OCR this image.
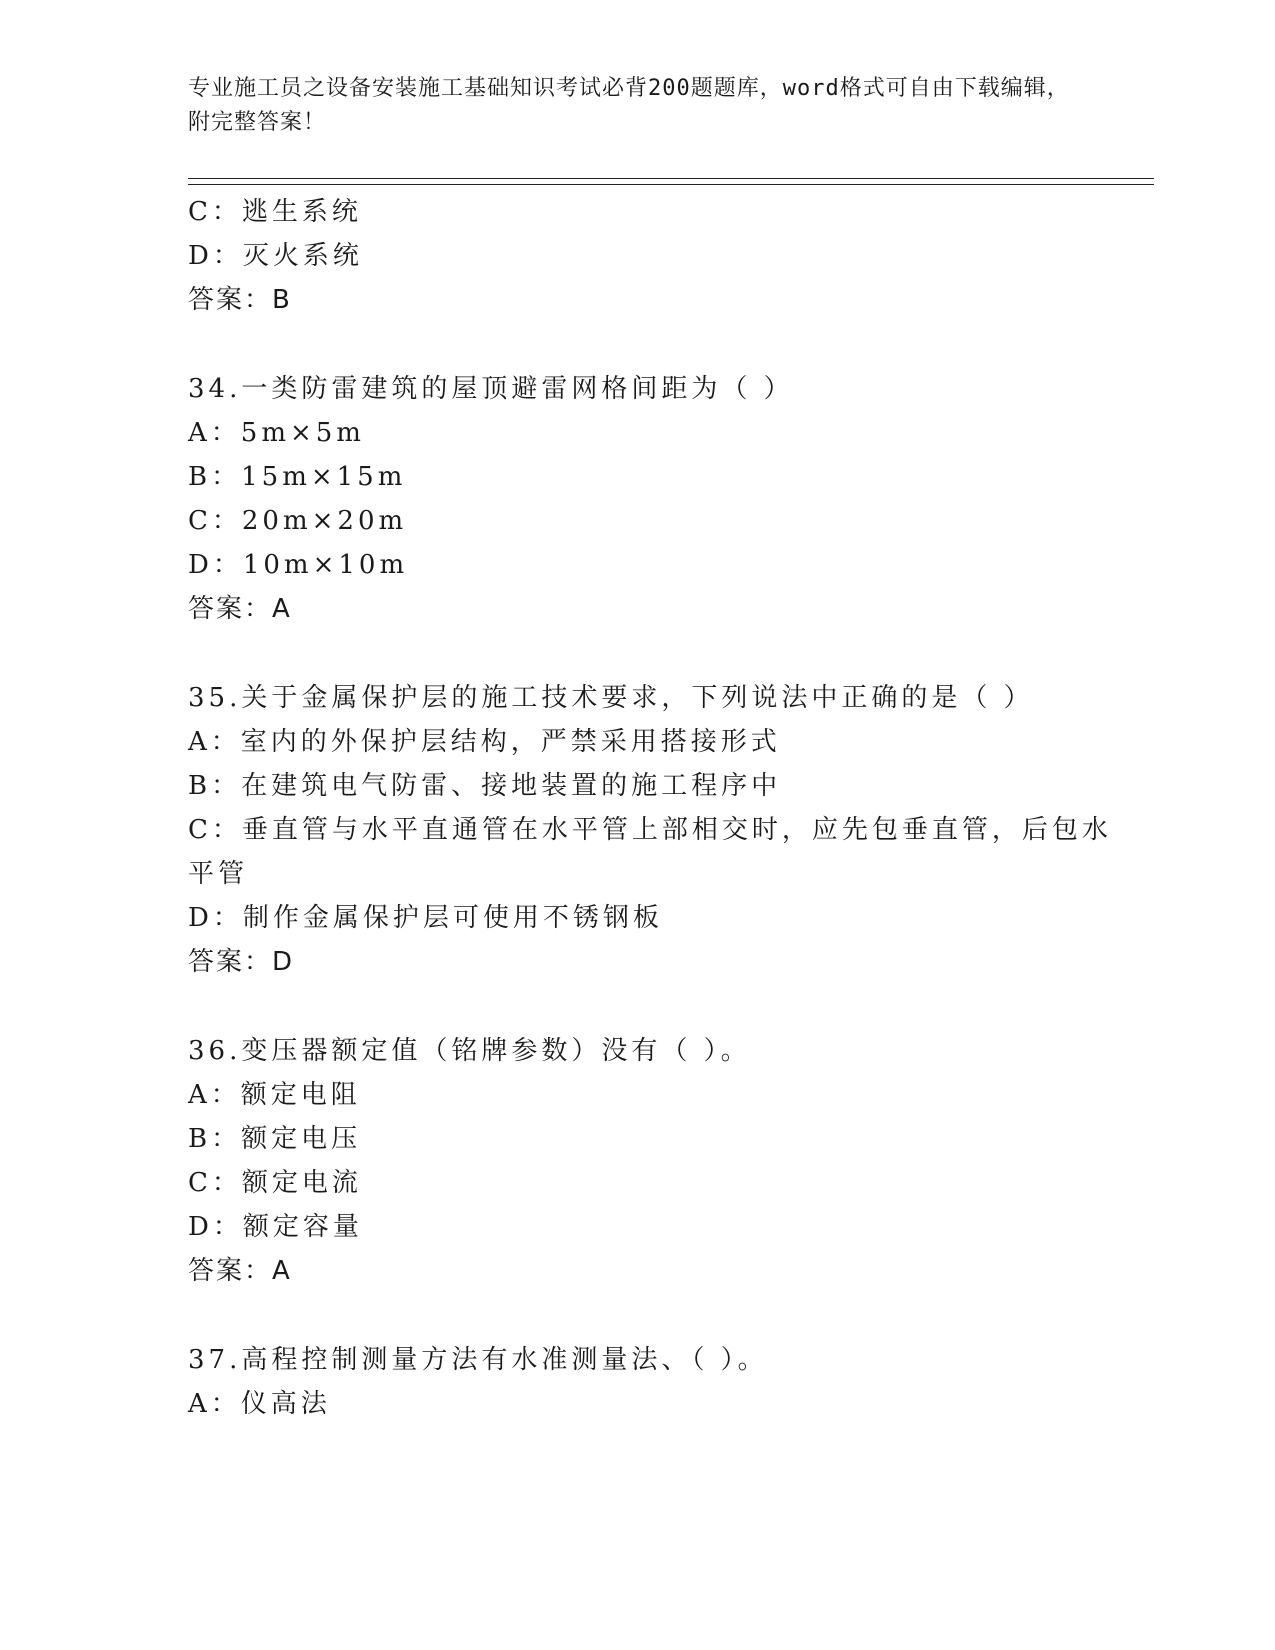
专业施工员之设备安装施工基础知识考试必背200题题库，word格式可自由下载编辑，附完整答案！
C：逃生系统
D：灭火系统
答案：B
34.一类防雷建筑的屋顶避雷网格间距为（ ）
A：5m×5m
B：15m×15m
C：20m×20m
D：10m×10m
答案：A
35.关于金属保护层的施工技术要求，下列说法中正确的是（ ）
A：室内的外保护层结构，严禁采用搭接形式
B：在建筑电气防雷、接地装置的施工程序中
C：垂直管与水平直通管在水平管上部相交时，应先包垂直管，后包水
平管
D：制作金属保护层可使用不锈钢板
答案：D
36.变压器额定值（铭牌参数）没有（ ）。
A：额定电阻
B：额定电压
C：额定电流
D：额定容量
答案：A
37.高程控制测量方法有水准测量法、（ ）。
A：仪高法
